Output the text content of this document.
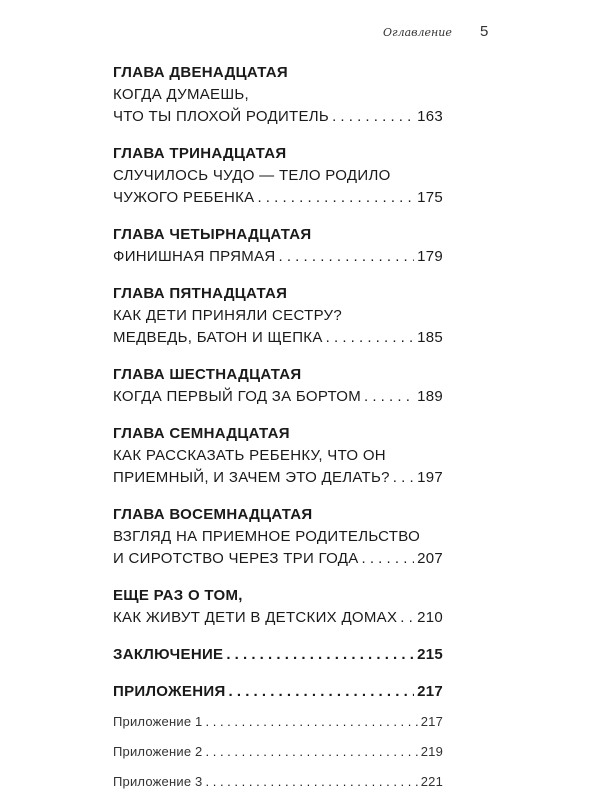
Оглавление 5
ГЛАВА ДВЕНАДЦАТАЯ
КОГДА ДУМАЕШЬ,
ЧТО ТЫ ПЛОХОЙ РОДИТЕЛЬ . . .	163
ГЛАВА ТРИНАДЦАТАЯ
СЛУЧИЛОСЬ ЧУДО — ТЕЛО РОДИЛО
ЧУЖОГО РЕБЕНКА . . .	175
ГЛАВА ЧЕТЫРНАДЦАТАЯ
ФИНИШНАЯ ПРЯМАЯ . . .	179
ГЛАВА ПЯТНАДЦАТАЯ
КАК ДЕТИ ПРИНЯЛИ СЕСТРУ?
МЕДВЕДЬ, БАТОН И ЩЕПКА . . .	185
ГЛАВА ШЕСТНАДЦАТАЯ
КОГДА ПЕРВЫЙ ГОД ЗА БОРТОМ . . .	189
ГЛАВА СЕМНАДЦАТАЯ
КАК РАССКАЗАТЬ РЕБЕНКУ, ЧТО ОН
ПРИЕМНЫЙ, И ЗАЧЕМ ЭТО ДЕЛАТЬ? . . . 197
ГЛАВА ВОСЕМНАДЦАТАЯ
ВЗГЛЯД НА ПРИЕМНОЕ РОДИТЕЛЬСТВО
И СИРОТСТВО ЧЕРЕЗ ТРИ ГОДА . . .	207
ЕЩЕ РАЗ О ТОМ,
КАК ЖИВУТ ДЕТИ В ДЕТСКИХ ДОМАХ . . . 210
ЗАКЛЮЧЕНИЕ . . .	215
ПРИЛОЖЕНИЯ . . .	217
Приложение 1 . . .	217
Приложение 2 . . .	219
Приложение 3 . . .	221
